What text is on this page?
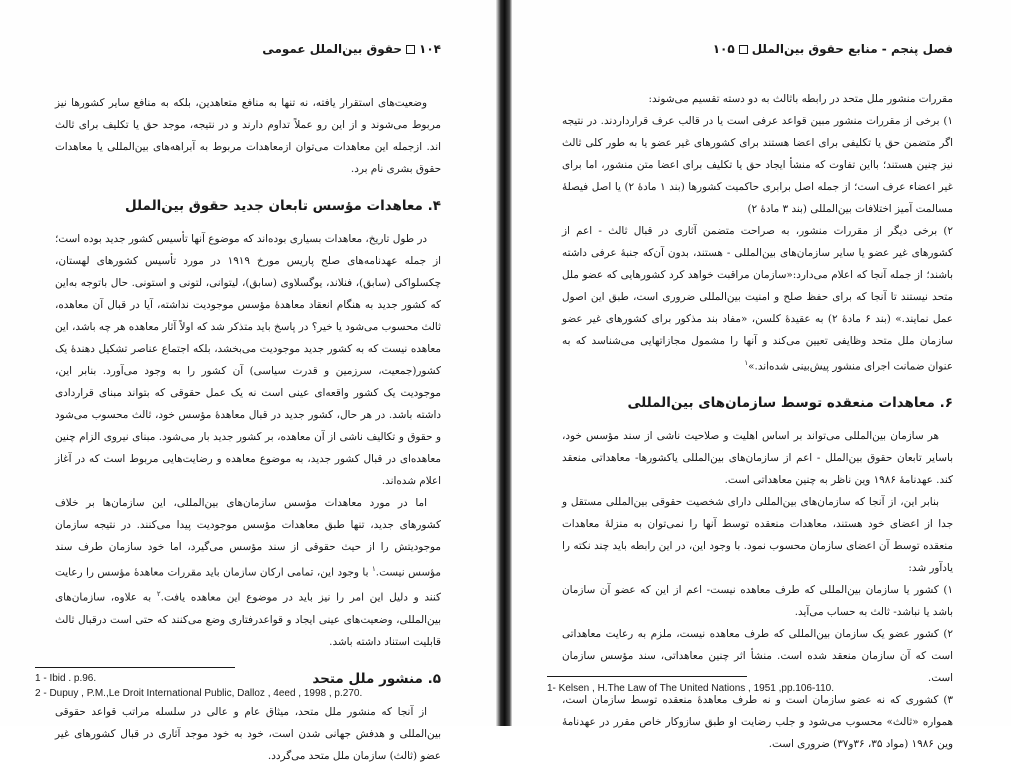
۱۰۴
حقوق بین‌الملل عمومی

وضعیت‌های استقرار یافته، نه تنها به منافع متعاهدین، بلکه به منافع سایر کشورها نیز مربوط می‌شوند و از این رو عملاً تداوم دارند و در نتیجه، موجد حق یا تکلیف برای ثالث اند. ازجمله این معاهدات می‌توان ازمعاهدات مربوط به آبراهه‌های بین‌المللی یا معاهدات حقوق بشری نام برد.

۴. معاهدات مؤسس تابعان جدید حقوق بین‌الملل

در طول تاریخ، معاهدات بسیاری بوده‌اند که موضوع آنها تأسیس کشور جدید بوده است؛ از جمله عهدنامه‌های صلح پاریس مورخ ۱۹۱۹ در مورد تأسیس کشورهای لهستان، چکسلواکی (سابق)، فنلاند، یوگسلاوی (سابق)، لیتوانی، لتونی و استونی. حال باتوجه به‌این که کشور جدید به هنگام انعقاد معاهدهٔ مؤسس موجودیت نداشته، آیا در قبال آن معاهده، ثالث محسوب می‌شود یا خیر؟ در پاسخ باید متذکر شد که اولاً آثار معاهده هر چه باشد، این معاهده نیست که به کشور جدید موجودیت می‌بخشد، بلکه اجتماع عناصر تشکیل دهندهٔ یک کشور(جمعیت، سرزمین و قدرت سیاسی) آن کشور را به وجود می‌آورد. بنابر این، موجودیت یک کشور واقعه‌ای عینی است نه یک عمل حقوقی که بتواند مبنای قراردادی داشته باشد. در هر حال، کشور جدید در قبال معاهدهٔ مؤسس خود، ثالث محسوب می‌شود و حقوق و تکالیف ناشی از آن معاهده، بر کشور جدید بار می‌شود. مبنای نیروی الزام چنین معاهده‌ای در قبال کشور جدید، به موضوع معاهده و رضایت‌هایی مربوط است که در آغاز اعلام شده‌اند.

اما در مورد معاهدات مؤسس سازمان‌های بین‌المللی، این سازمان‌ها بر خلاف کشورهای جدید، تنها طبق معاهدات مؤسس موجودیت پیدا می‌کنند. در نتیجه سازمان موجودیتش را از حیث حقوقی از سند مؤسس می‌گیرد، اما خود سازمان طرف سند مؤسس نیست.$^۱$ با وجود این، تمامی ارکان سازمان باید مقررات معاهدهٔ مؤسس را رعایت کنند و دلیل این امر را نیز باید در موضوع این معاهده یافت.$^۲$ به علاوه، سازمان‌های بین‌المللی، وضعیت‌های عینی ایجاد و قواعدرفتاری وضع می‌کنند که حتی است درقبال ثالث قابلیت استناد داشته باشد.

۵. منشور ملل متحد

از آنجا که منشور ملل متحد، میثاق عام و عالی در سلسله مراتب قواعد حقوقی بین‌المللی و هدفش جهانی شدن است، خود به خود موجد آثاری در قبال کشورهای غیر عضو (ثالث) سازمان ملل متحد می‌گردد.

1 - Ibid . p.96.
2 - Dupuy , P.M.,Le Droit International Public, Dalloz , 4eed , 1998 , p.270.
فصل پنجم - منابع حقوق بین‌الملل
۱۰۵

مقررات منشور ملل متحد در رابطه باثالث به دو دسته تقسیم می‌شوند:

۱) برخی از مقررات منشور مبین قواعد عرفی است یا در قالب عرف قرارداردند. در نتیجه اگر متضمن حق یا تکلیفی برای اعضا هستند برای کشورهای غیر عضو یا به طور کلی ثالث نیز چنین هستند؛ بااین تفاوت که منشأ ایجاد حق یا تکلیف برای اعضا متن منشور، اما برای غیر اعضاء عرف است؛ از جمله اصل برابری حاکمیت کشورها (بند ۱ مادهٔ ۲) یا اصل فیصلهٔ مسالمت آمیز اختلافات بین‌المللی (بند ۳ مادهٔ ۲)

۲) برخی دیگر از مقررات منشور، به صراحت متضمن آثاری در قبال ثالث - اعم از کشورهای غیر عضو یا سایر سازمان‌های بین‌المللی - هستند، بدون آن‌که جنبهٔ عرفی داشته باشند؛ از جمله آنجا که اعلام می‌دارد:«سازمان مراقبت خواهد کرد کشورهایی که عضو ملل متحد نیستند تا آنجا که برای حفظ صلح و امنیت بین‌المللی ضروری است، طبق این اصول عمل نمایند.» (بند ۶ مادهٔ ۲) به عقیدهٔ کلسن، «مفاد بند مذکور برای کشورهای غیر عضو سازمان ملل متحد وظایفی تعیین می‌کند و آنها را مشمول مجازاتهایی می‌شناسد که به عنوان ضمانت اجرای منشور پیش‌بینی شده‌اند.»$^۱$

۶. معاهدات منعقده توسط سازمان‌های بین‌المللی

هر سازمان بین‌المللی می‌تواند بر اساس اهلیت و صلاحیت ناشی از سند مؤسس خود، باسایر تابعان حقوق بین‌الملل - اعم از سازمان‌های بین‌المللی یاکشورها- معاهداتی منعقد کند. عهدنامهٔ ۱۹۸۶ وین ناظر به چنین معاهداتی است.

بنابر این، از آنجا که سازمان‌های بین‌المللی دارای شخصیت حقوقی بین‌المللی مستقل و جدا از اعضای خود هستند، معاهدات منعقده توسط آنها را نمی‌توان به منزلهٔ معاهدات منعقده توسط آن اعضای سازمان محسوب نمود. با وجود این، در این رابطه باید چند نکته را یادآور شد:

۱) کشور یا سازمان بین‌المللی که طرف معاهده نیست- اعم از این که عضو آن سازمان باشد یا نباشد- ثالث به حساب می‌آید.

۲) کشور عضو یک سازمان بین‌المللی که طرف معاهده نیست، ملزم به رعایت معاهداتی است که آن سازمان منعقد شده است. منشأ اثر چنین معاهداتی، سند مؤسس سازمان است.

۳) کشوری که نه عضو سازمان است و نه طرف معاهدهٔ منعقده توسط سازمان است، همواره «ثالث» محسوب می‌شود و جلب رضایت او طبق سازوکار خاص مقرر در عهدنامهٔ وین ۱۹۸۶ (مواد ۳۵، ۳۶و۳۷) ضروری است.

1- Kelsen , H.The Law of The United Nations , 1951 ,pp.106-110.
